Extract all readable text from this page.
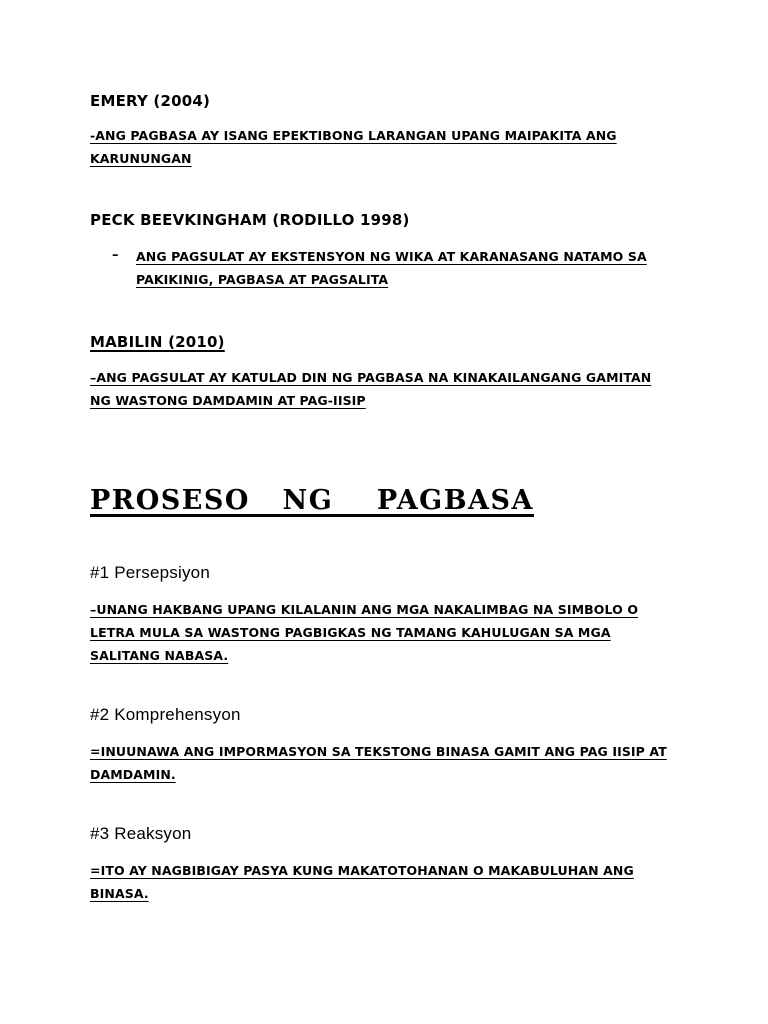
EMERY (2004)

-ANG PAGBASA AY ISANG EPEKTIBONG LARANGAN UPANG MAIPAKITA ANG KARUNUNGAN

PECK BEEVKINGHAM (RODILLO 1998)
– ANG PAGSULAT AY EKSTENSYON NG WIKA AT KARANASANG NATAMO SA PAKIKINIG, PAGBASA AT PAGSALITA

MABILIN (2010)

–ANG PAGSULAT AY KATULAD DIN NG PAGBASA NA KINAKAILANGANG GAMITAN NG WASTONG DAMDAMIN AT PAG-IISIP

PROSESO   NG    PAGBASA
#1 Persepsiyon

–UNANG HAKBANG UPANG KILALANIN ANG MGA NAKALIMBAG NA SIMBOLO O LETRA MULA SA WASTONG PAGBIGKAS NG TAMANG KAHULUGAN SA MGA SALITANG NABASA.

#2 Komprehensyon

=INUUNAWA ANG IMPORMASYON SA TEKSTONG BINASA GAMIT ANG PAG IISIP AT DAMDAMIN.

#3 Reaksyon

=ITO AY NAGBIBIGAY PASYA KUNG MAKATOTOHANAN O MAKABULUHAN ANG BINASA.
